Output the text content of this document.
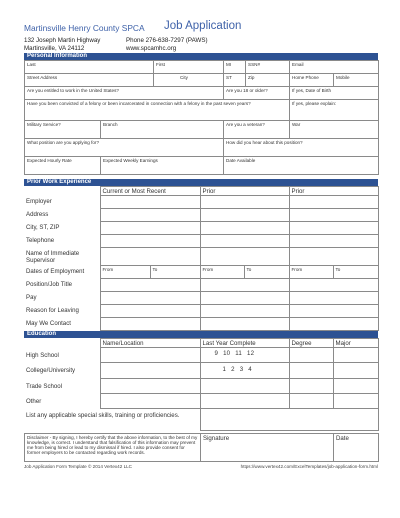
Martinsville Henry County SPCA Job Application
132 Joseph Martin Highway
Martinsville, VA 24112
Phone 276-638-7297 (PAWS)
www.spcamhc.org
Personal Information
Last		First	MI	SSN#	Email	
Street Address		City	ST	Zip	Home Phone	Mobile
Are you entitled to work in the United States?			Are you 18 or older?		If yes, Date of Birth	
Have you been convicted of a felony or been incarcerated in connection with a felony in the past seven years?					If yes, please explain:	
Military Service?	Branch		Are you a veteran?		War	
What position are you applying for?			How did you hear about this position?			
Expected Hourly Rate	Expected Weekly Earnings		Date Available			
Prior Work Experience
	Current or Most Recent		Prior		Prior	
Employer						
Address						
City, ST, ZIP						
Telephone						
Name of Immediate Supervisor						
Dates of Employment	From	To	From	To	From	To
Position/Job Title						
Pay						
Reason for Leaving						
May We Contact						
Education
	Name/Location	Last Year Complete	Degree	Major
High School		9 10 11 12		
College/University		1 2 3 4		
Trade School				
Other				
List any applicable special skills, training or proficiencies.				
Disclaimer - By signing, I hereby certify that the above information, to the best of my knowledge, is correct. I understand that falsification of this information may prevent me from being hired or lead to my dismissal if hired. I also provide consent for former employers to be contacted regarding work records.	Signature	Date
Job Application Form Template © 2014 Vertex42 LLC	https://www.vertex42.com/ExcelTemplates/job-application-form.html
